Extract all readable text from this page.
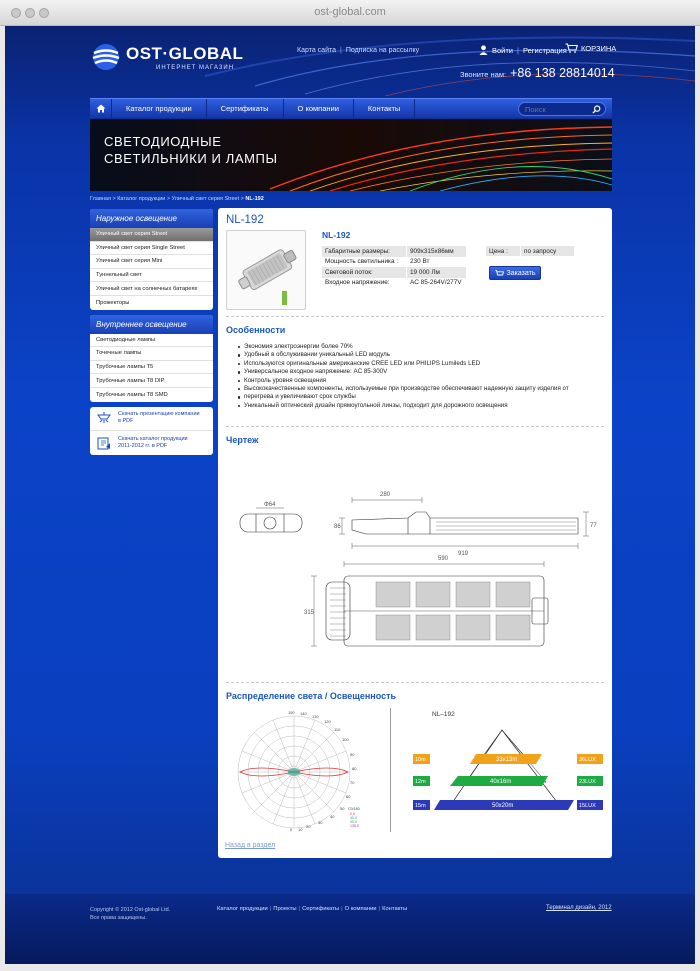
ost-global.com
OST·GLOBAL
ИНТЕРНЕТ МАГАЗИН
Карта сайта | Подписка на рассылку	Войти | Регистрация КОРЗИНА
Звоните нам: +86 138 28814014
Каталог продукции	Сертификаты	О компании	Контакты
Поиск
СВЕТОДИОДНЫЕ
СВЕТИЛЬНИКИ И ЛАМПЫ
Главная > Каталог продукции > Уличный свет серия Street > NL-192
Наружное освещение
Уличный свет серия Street
Уличный свет серия Single Street
Уличный свет серия Mini
Туннельный свет
Уличный свет на солнечных батареях
Прожекторы
Внутреннее освещение
Светодиодные лампы
Точечные лампы
Трубочные лампы T5
Трубочные лампы T8 DIP
Трубочные лампы T8 SMD
Скачать презентацию компании
в PDF
Скачать каталог продукции
2011-2012 гг. в PDF
NL-192
NL-192
Габаритные размеры:	909x315x86мм
Мощность светильника :	230 Вт
Световой поток:	19 000 Лм
Входное напряжение:	AC 85-264V/277V
Цена :	по запросу
Заказать
Особенности
Экономия электроэнергии более 70%
Удобный в обслуживании уникальный LED модуль
Используются оригинальные американские CREE LED или PHILIPS Lumileds LED
Универсальное входное напряжение: AC 85-300V
Контроль уровня освещения
Высококачественные компоненты, используемые при производстве обеспечивают надежную защиту изделия от
перегрева и увеличивают срок службы
Уникальный оптический дизайн прямоугольной линзы, подходит для дорожного освещения
Чертеж
Φ64
280
86	77
919
590
315
Распределение света / Освещенность
150 140
130
120
110
100
90
80
70
60
50
40
30
20
10
0
C0/180
0.0
45.0
90.0
135.0
NL–192
33x13m
40x16m
50x20m
10m
12m
15m
36LUX
23LUX
15LUX
Назад в раздел
Copyright © 2012 Ost-global Ltd.
Все права защищены.
Каталог продукции | Проекты | Сертификаты | О компании | Контакты	Терминал дизайн, 2012
